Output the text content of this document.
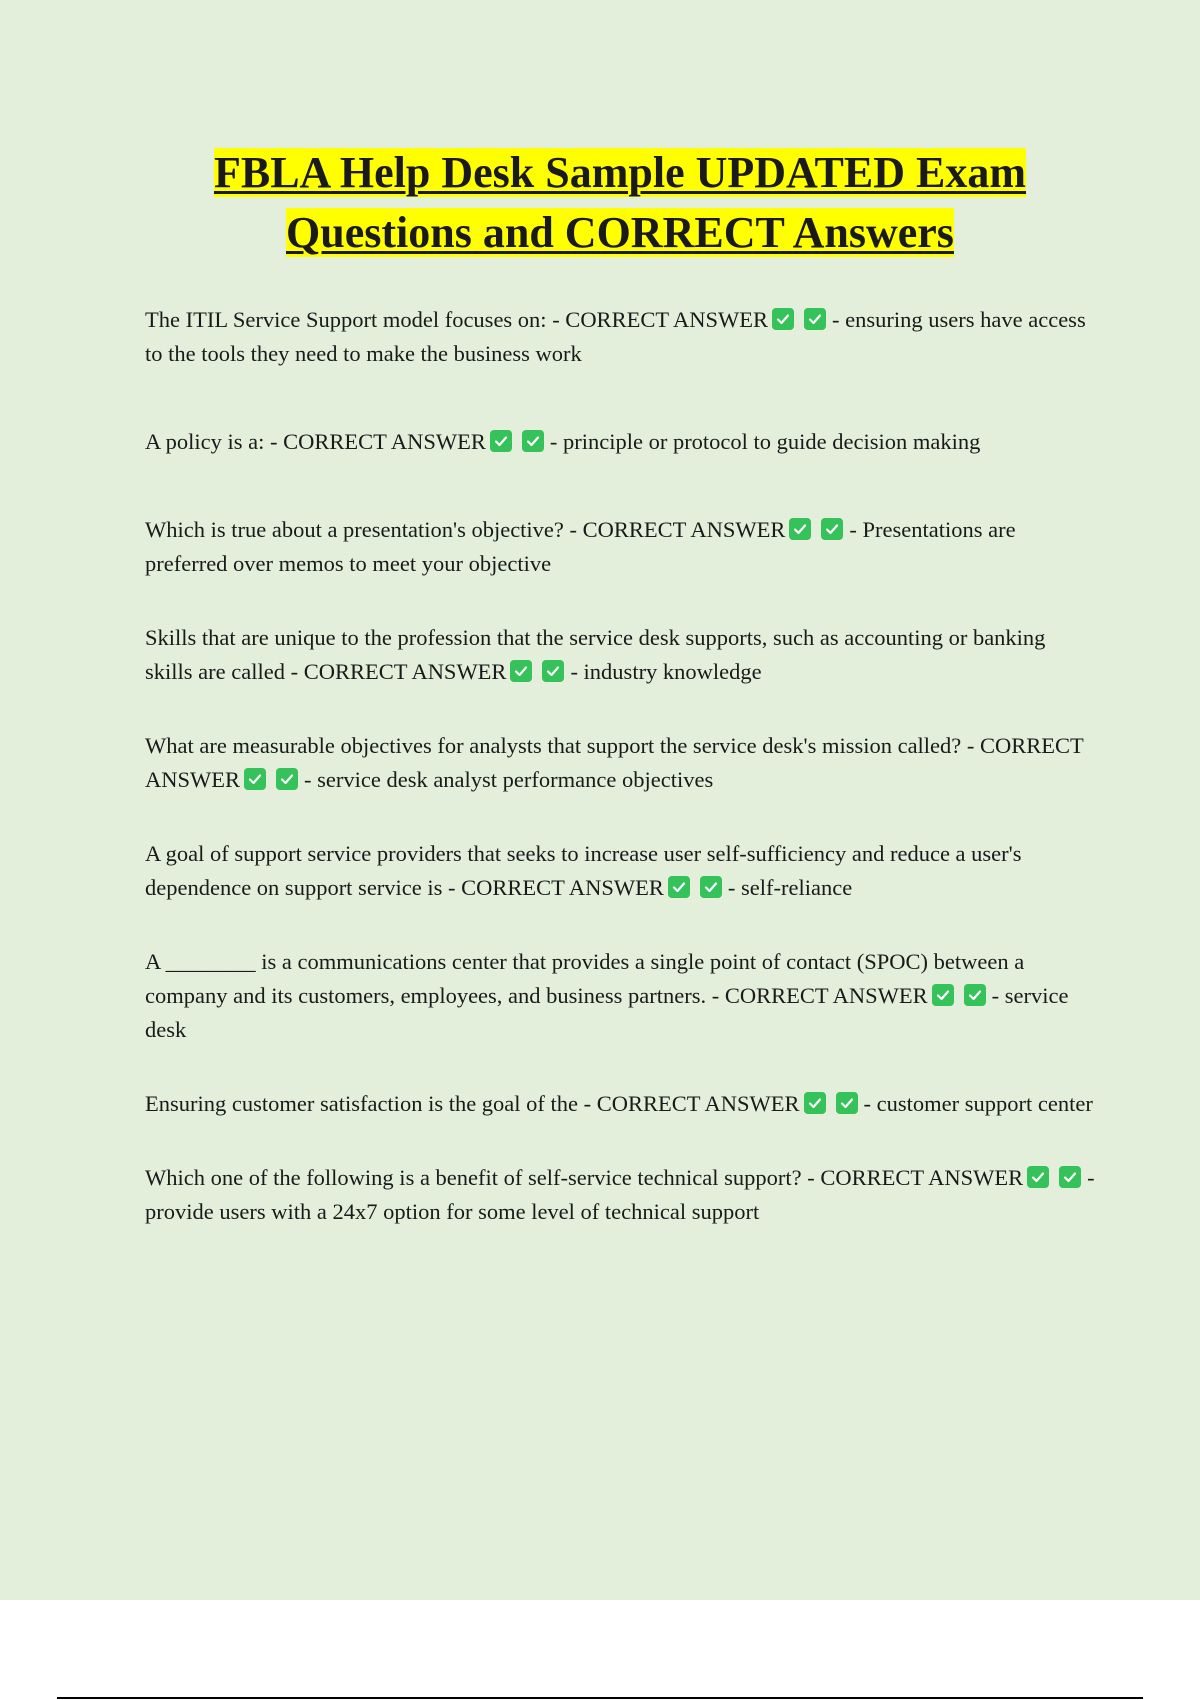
FBLA Help Desk Sample UPDATED Exam
Questions and CORRECT Answers

The ITIL Service Support model focuses on: - CORRECT ANSWER	- ensuring users have access to the tools they need to make the business work

A policy is a: - CORRECT ANSWER	- principle or protocol to guide decision making

Which is true about a presentation's objective? - CORRECT ANSWER	- Presentations are preferred over memos to meet your objective

Skills that are unique to the profession that the service desk supports, such as accounting or banking skills are called - CORRECT ANSWER	- industry knowledge

What are measurable objectives for analysts that support the service desk's mission called? - CORRECT ANSWER	- service desk analyst performance objectives

A goal of support service providers that seeks to increase user self-sufficiency and reduce a user's dependence on support service is - CORRECT ANSWER	- self-reliance

A ________ is a communications center that provides a single point of contact (SPOC) between a company and its customers, employees, and business partners. - CORRECT ANSWER	- service desk

Ensuring customer satisfaction is the goal of the - CORRECT ANSWER	- customer support center

Which one of the following is a benefit of self-service technical support? - CORRECT ANSWER	- provide users with a 24x7 option for some level of technical support
